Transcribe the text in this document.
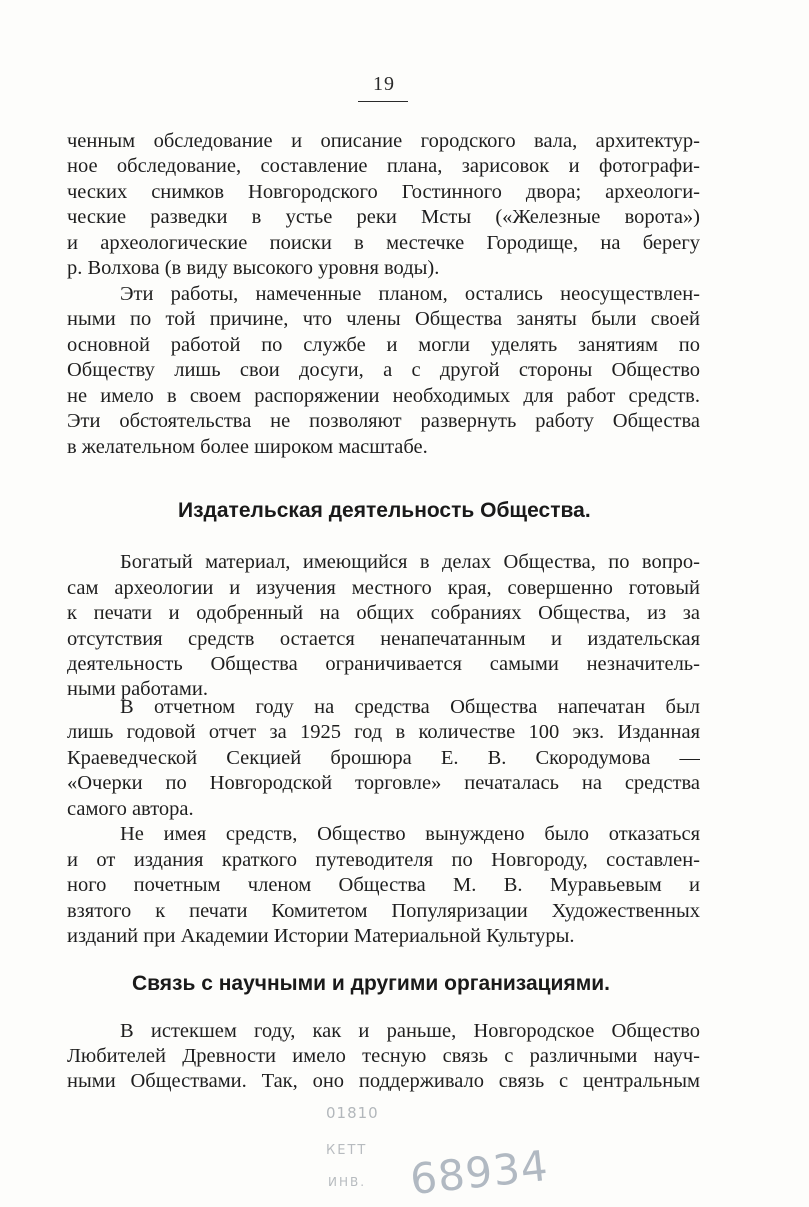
19
ченным обследование и описание городского вала, архитектур-
ное обследование, составление плана, зарисовок и фотографи-
ческих снимков Новгородского Гостинного двора; археологи-
ческие разведки в устье реки Мсты («Железные ворота»)
и археологические поиски в местечке Городище, на берегу
р. Волхова (в виду высокого уровня воды).
Эти работы, намеченные планом, остались неосуществлен-
ными по той причине, что члены Общества заняты были своей
основной работой по службе и могли уделять занятиям по
Обществу лишь свои досуги, а с другой стороны Общество
не имело в своем распоряжении необходимых для работ средств.
Эти обстоятельства не позволяют развернуть работу Общества
в желательном более широком масштабе.
Издательская деятельность Общества.
Богатый материал, имеющийся в делах Общества, по вопро-
сам археологии и изучения местного края, совершенно готовый
к печати и одобренный на общих собраниях Общества, из за
отсутствия средств остается ненапечатанным и издательская
деятельность Общества ограничивается самыми незначитель-
ными работами.
В отчетном году на средства Общества напечатан был
лишь годовой отчет за 1925 год в количестве 100 экз. Изданная
Краеведческой Секцией брошюра Е. В. Скородумова —
«Очерки по Новгородской торговле» печаталась на средства
самого автора.
Не имея средств, Общество вынуждено было отказаться
и от издания краткого путеводителя по Новгороду, составлен-
ного почетным членом Общества М. В. Муравьевым и
взятого к печати Комитетом Популяризации Художественных
изданий при Академии Истории Материальной Культуры.
Связь с научными и другими организациями.
В истекшем году, как и раньше, Новгородское Общество
Любителей Древности имело тесную связь с различными науч-
ными Обществами. Так, оно поддерживало связь с центральным
01810
КЕТТ
ИНВ. 68934
